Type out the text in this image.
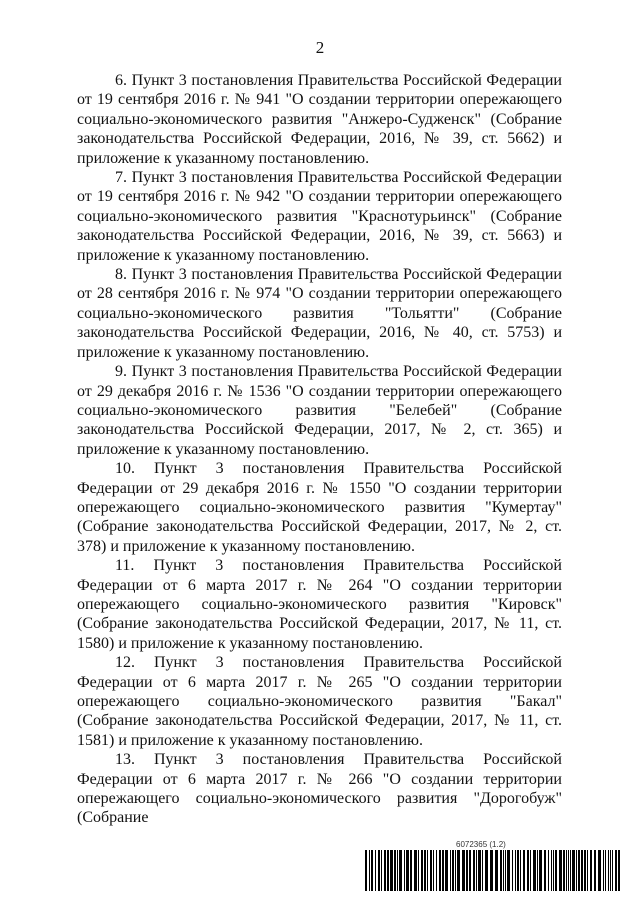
2

6. Пункт 3 постановления Правительства Российской Федерации от 19 сентября 2016 г. № 941 "О создании территории опережающего социально-экономического развития "Анжеро-Судженск" (Собрание законодательства Российской Федерации, 2016, № 39, ст. 5662) и приложение к указанному постановлению.

7. Пункт 3 постановления Правительства Российской Федерации от 19 сентября 2016 г. № 942 "О создании территории опережающего социально-экономического развития "Краснотурьинск" (Собрание законодательства Российской Федерации, 2016, № 39, ст. 5663) и приложение к указанному постановлению.

8. Пункт 3 постановления Правительства Российской Федерации от 28 сентября 2016 г. № 974 "О создании территории опережающего социально-экономического развития "Тольятти" (Собрание законодательства Российской Федерации, 2016, № 40, ст. 5753) и приложение к указанному постановлению.

9. Пункт 3 постановления Правительства Российской Федерации от 29 декабря 2016 г. № 1536 "О создании территории опережающего социально-экономического развития "Белебей" (Собрание законодательства Российской Федерации, 2017, № 2, ст. 365) и приложение к указанному постановлению.

10. Пункт 3 постановления Правительства Российской Федерации от 29 декабря 2016 г. № 1550 "О создании территории опережающего социально-экономического развития "Кумертау" (Собрание законодательства Российской Федерации, 2017, № 2, ст. 378) и приложение к указанному постановлению.

11. Пункт 3 постановления Правительства Российской Федерации от 6 марта 2017 г. № 264 "О создании территории опережающего социально-экономического развития "Кировск" (Собрание законодательства Российской Федерации, 2017, № 11, ст. 1580) и приложение к указанному постановлению.

12. Пункт 3 постановления Правительства Российской Федерации от 6 марта 2017 г. № 265 "О создании территории опережающего социально-экономического развития "Бакал" (Собрание законодательства Российской Федерации, 2017, № 11, ст. 1581) и приложение к указанному постановлению.

13. Пункт 3 постановления Правительства Российской Федерации от 6 марта 2017 г. № 266 "О создании территории опережающего социально-экономического развития "Дорогобуж" (Собрание

6072365 (1.2)
